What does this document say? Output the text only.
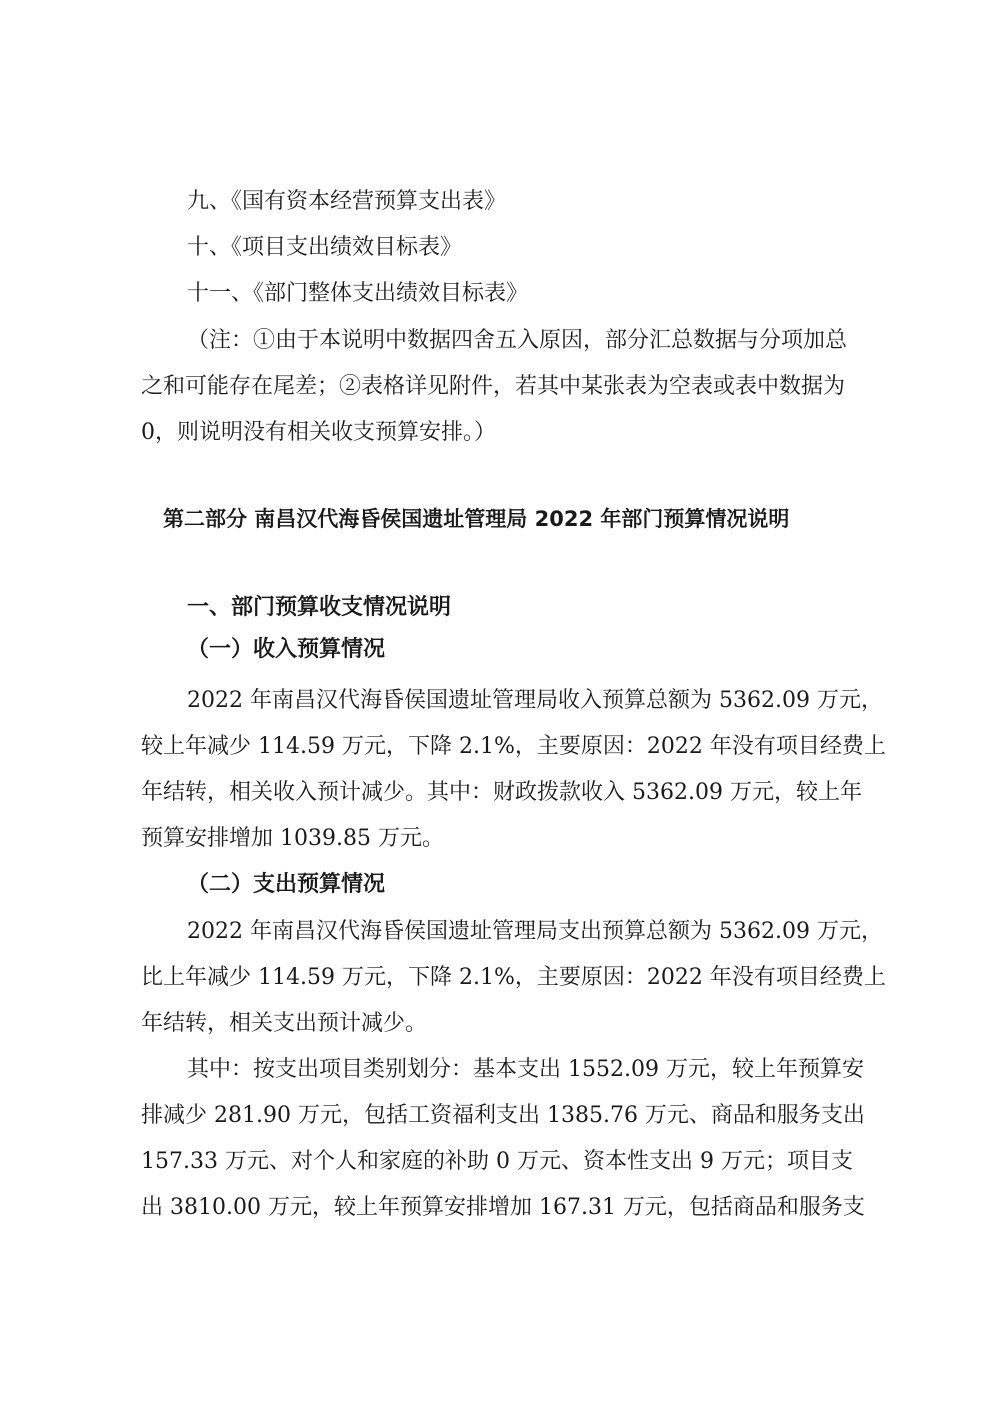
九、《国有资本经营预算支出表》
十、《项目支出绩效目标表》
十一、《部门整体支出绩效目标表》
（注：①由于本说明中数据四舍五入原因，部分汇总数据与分项加总
之和可能存在尾差；②表格详见附件，若其中某张表为空表或表中数据为
0，则说明没有相关收支预算安排。）
第二部分 南昌汉代海昏侯国遗址管理局 2022 年部门预算情况说明
一、部门预算收支情况说明
（一）收入预算情况
2022 年南昌汉代海昏侯国遗址管理局收入预算总额为 5362.09 万元，
较上年减少 114.59 万元，下降 2.1%，主要原因：2022 年没有项目经费上
年结转，相关收入预计减少。其中：财政拨款收入 5362.09 万元，较上年
预算安排增加 1039.85 万元。
（二）支出预算情况
2022 年南昌汉代海昏侯国遗址管理局支出预算总额为 5362.09 万元，
比上年减少 114.59 万元，下降 2.1%，主要原因：2022 年没有项目经费上
年结转，相关支出预计减少。
其中：按支出项目类别划分：基本支出 1552.09 万元，较上年预算安
排减少 281.90 万元，包括工资福利支出 1385.76 万元、商品和服务支出
157.33 万元、对个人和家庭的补助 0 万元、资本性支出 9 万元；项目支
出 3810.00 万元，较上年预算安排增加 167.31 万元，包括商品和服务支
